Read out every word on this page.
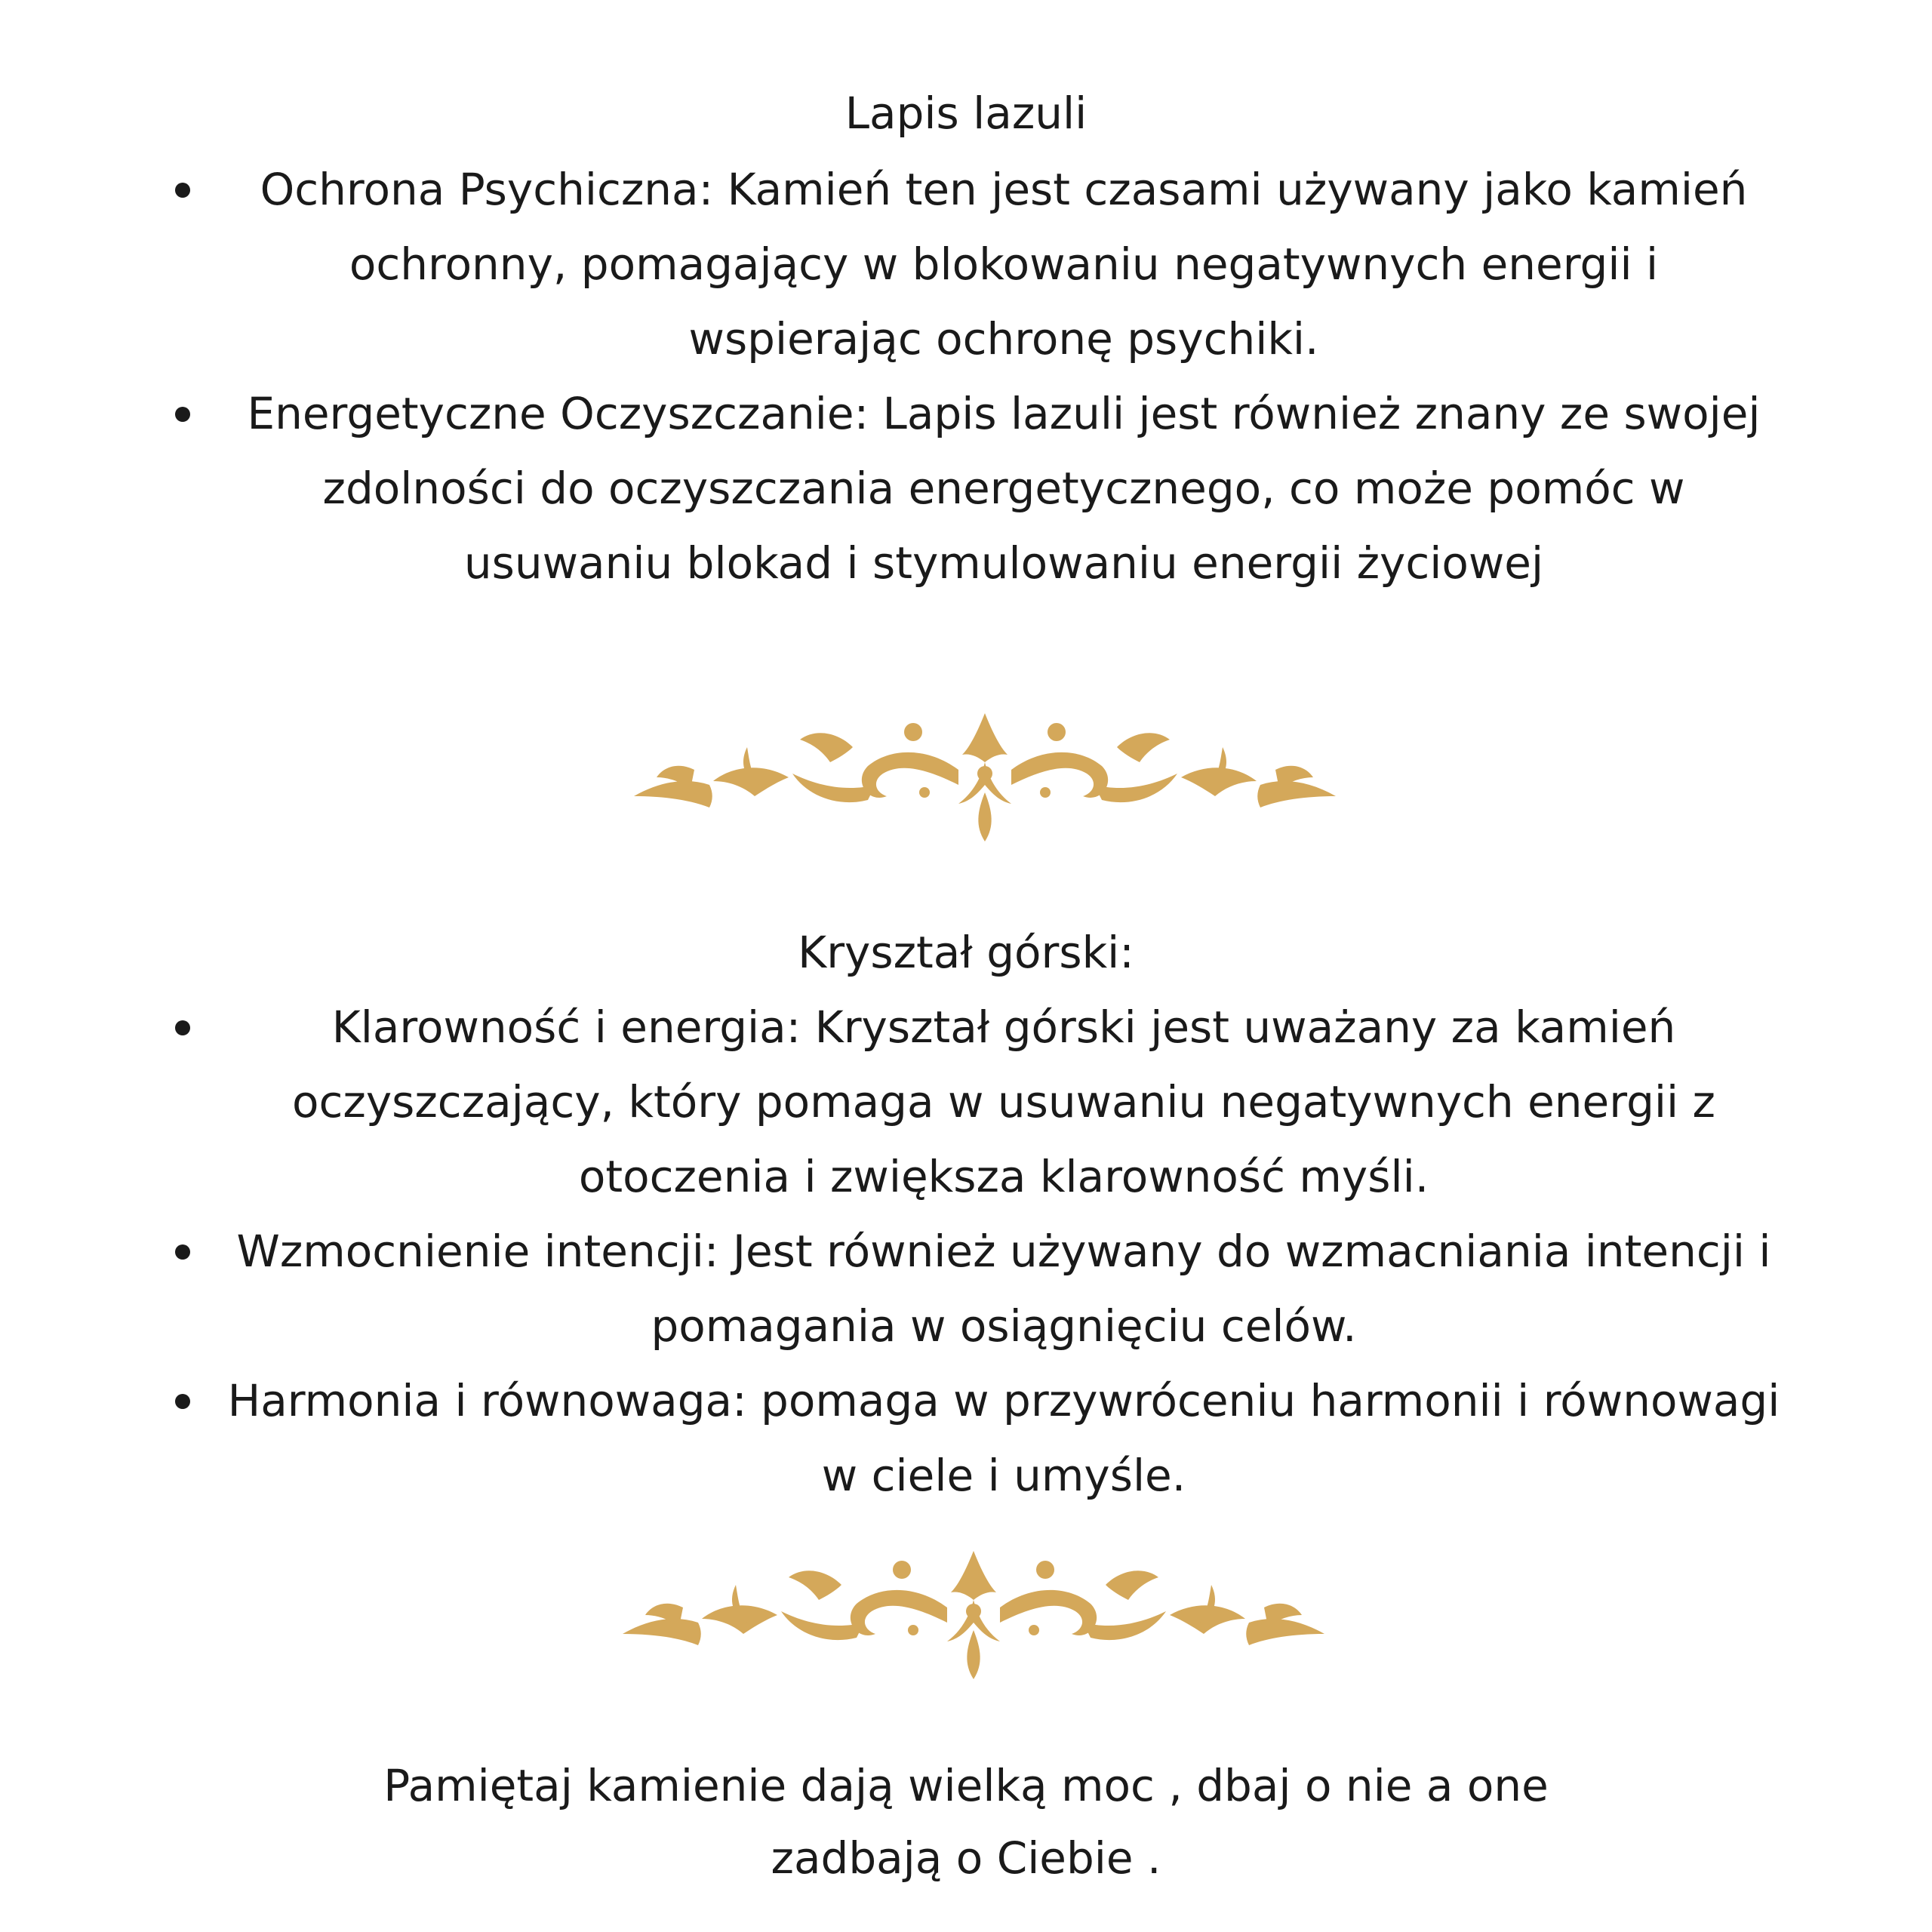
Lapis lazuli
Ochrona Psychiczna: Kamień ten jest czasami używany jako kamień ochronny, pomagający w blokowaniu negatywnych energii i wspierając ochronę psychiki.
Energetyczne Oczyszczanie: Lapis lazuli jest również znany ze swojej zdolności do oczyszczania energetycznego, co może pomóc w usuwaniu blokad i stymulowaniu energii życiowej
Kryształ górski:
Klarowność i energia: Kryształ górski jest uważany za kamień oczyszczający, który pomaga w usuwaniu negatywnych energii z otoczenia i zwiększa klarowność myśli.
Wzmocnienie intencji: Jest również używany do wzmacniania intencji i pomagania w osiągnięciu celów.
Harmonia i równowaga: pomaga w przywróceniu harmonii i równowagi w ciele i umyśle.

Pamiętaj kamienie dają wielką moc , dbaj o nie a one zadbają o Ciebie .
